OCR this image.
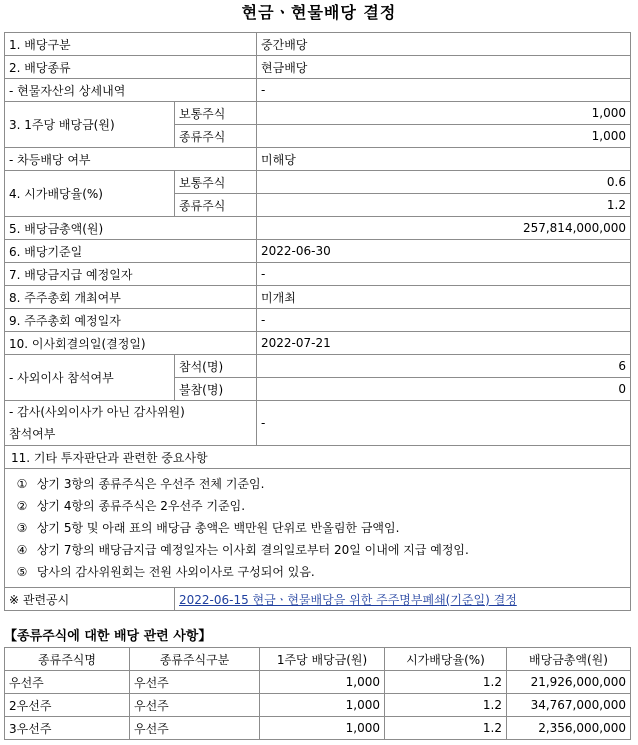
현금ㆍ현물배당 결정
1. 배당구분		중간배당
2. 배당종류		현금배당
- 현물자산의 상세내역		-
3. 1주당 배당금(원)	보통주식	1,000
	종류주식	1,000
- 차등배당 여부		미해당
4. 시가배당율(%)	보통주식	0.6
	종류주식	1.2
5. 배당금총액(원)		257,814,000,000
6. 배당기준일		2022-06-30
7. 배당금지급 예정일자		-
8. 주주총회 개최여부		미개최
9. 주주총회 예정일자		-
10. 이사회결의일(결정일)		2022-07-21
- 사외이사 참석여부	참석(명)	6
	불참(명)	0

- 감사(사외이사가 아닌 감사위원)
참석여부		-
11. 기타 투자판단과 관련한 중요사항		

① 상기 3항의 종류주식은 우선주 전체 기준임.
② 상기 4항의 종류주식은 2우선주 기준임.
③ 상기 5항 및 아래 표의 배당금 총액은 백만원 단위로 반올림한 금액임.
④ 상기 7항의 배당금지급 예정일자는 이사회 결의일로부터 20일 이내에 지급 예정임.
⑤ 당사의 감사위원회는 전원 사외이사로 구성되어 있음.		

※ 관련공시	2022-06-15 현금ㆍ현물배당을 위한 주주명부폐쇄(기준일) 결정	
【종류주식에 대한 배당 관련 사항】
종류주식명	종류주식구분	1주당 배당금(원)	시가배당율(%)	배당금총액(원)
우선주	우선주	1,000	1.2	21,926,000,000
2우선주	우선주	1,000	1.2	34,767,000,000
3우선주	우선주	1,000	1.2	2,356,000,000
